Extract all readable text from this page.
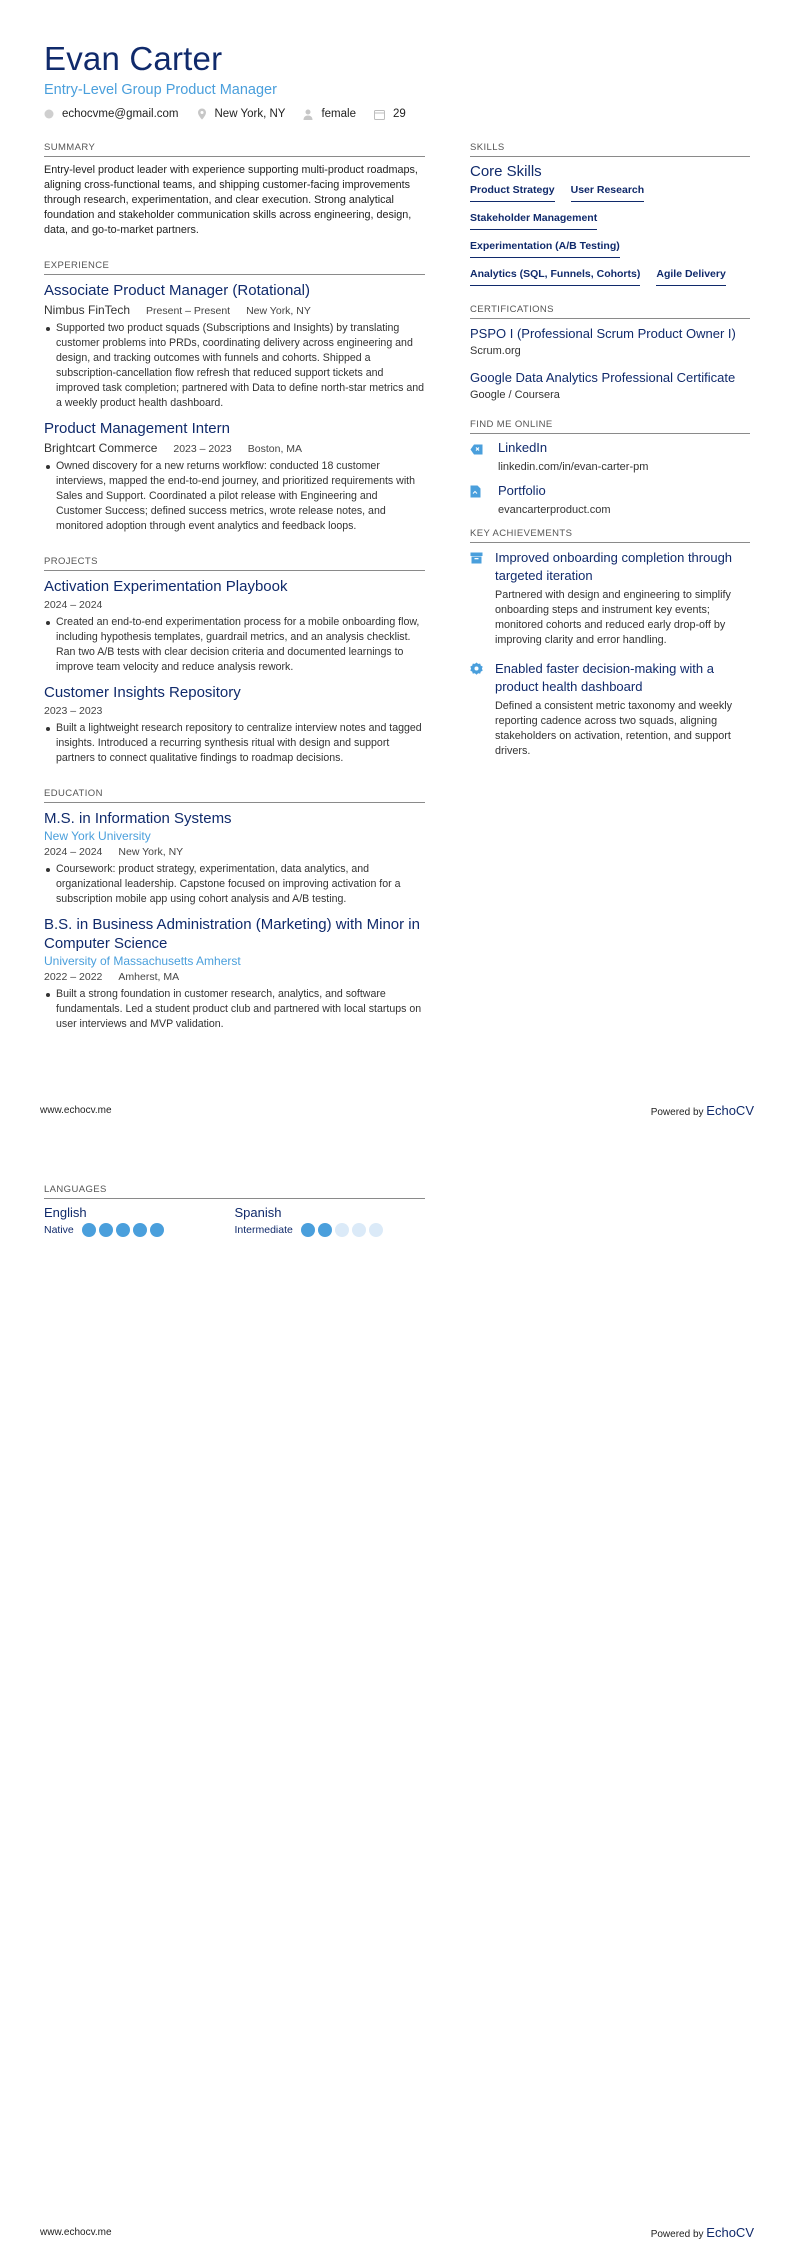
Evan Carter
Entry-Level Group Product Manager
echocvme@gmail.com	New York, NY	female	29
SUMMARY
Entry-level product leader with experience supporting multi-product roadmaps, aligning cross-functional teams, and shipping customer-facing improvements through research, experimentation, and clear execution. Strong analytical foundation and stakeholder communication skills across engineering, design, data, and go-to-market partners.
EXPERIENCE
Associate Product Manager (Rotational)
Nimbus FinTech Present – Present New York, NY
Supported two product squads (Subscriptions and Insights) by translating customer problems into PRDs, coordinating delivery across engineering and design, and tracking outcomes with funnels and cohorts. Shipped a subscription-cancellation flow refresh that reduced support tickets and improved task completion; partnered with Data to define north-star metrics and a weekly product health dashboard.
Product Management Intern
Brightcart Commerce 2023 – 2023 Boston, MA
Owned discovery for a new returns workflow: conducted 18 customer interviews, mapped the end-to-end journey, and prioritized requirements with Sales and Support. Coordinated a pilot release with Engineering and Customer Success; defined success metrics, wrote release notes, and monitored adoption through event analytics and feedback loops.
PROJECTS
Activation Experimentation Playbook
2024 – 2024
Created an end-to-end experimentation process for a mobile onboarding flow, including hypothesis templates, guardrail metrics, and an analysis checklist. Ran two A/B tests with clear decision criteria and documented learnings to improve team velocity and reduce analysis rework.
Customer Insights Repository
2023 – 2023
Built a lightweight research repository to centralize interview notes and tagged insights. Introduced a recurring synthesis ritual with design and support partners to connect qualitative findings to roadmap decisions.
EDUCATION
M.S. in Information Systems
New York University
2024 – 2024 New York, NY
Coursework: product strategy, experimentation, data analytics, and organizational leadership. Capstone focused on improving activation for a subscription mobile app using cohort analysis and A/B testing.
B.S. in Business Administration (Marketing) with Minor in Computer Science
University of Massachusetts Amherst
2022 – 2022 Amherst, MA
Built a strong foundation in customer research, analytics, and software fundamentals. Led a student product club and partnered with local startups on user interviews and MVP validation.
SKILLS
Core Skills
Product Strategy User Research
Stakeholder Management
Experimentation (A/B Testing)
Analytics (SQL, Funnels, Cohorts) Agile Delivery
CERTIFICATIONS
PSPO I (Professional Scrum Product Owner I)
Scrum.org
Google Data Analytics Professional Certificate
Google / Coursera
FIND ME ONLINE
LinkedIn
linkedin.com/in/evan-carter-pm
Portfolio
evancarterproduct.com
KEY ACHIEVEMENTS
Improved onboarding completion through targeted iteration
Partnered with design and engineering to simplify onboarding steps and instrument key events; monitored cohorts and reduced early drop-off by improving clarity and error handling.
Enabled faster decision-making with a product health dashboard
Defined a consistent metric taxonomy and weekly reporting cadence across two squads, aligning stakeholders on activation, retention, and support drivers.
www.echocv.me	Powered by EchoCV
LANGUAGES
English
Native
Spanish
Intermediate
www.echocv.me	Powered by EchoCV
